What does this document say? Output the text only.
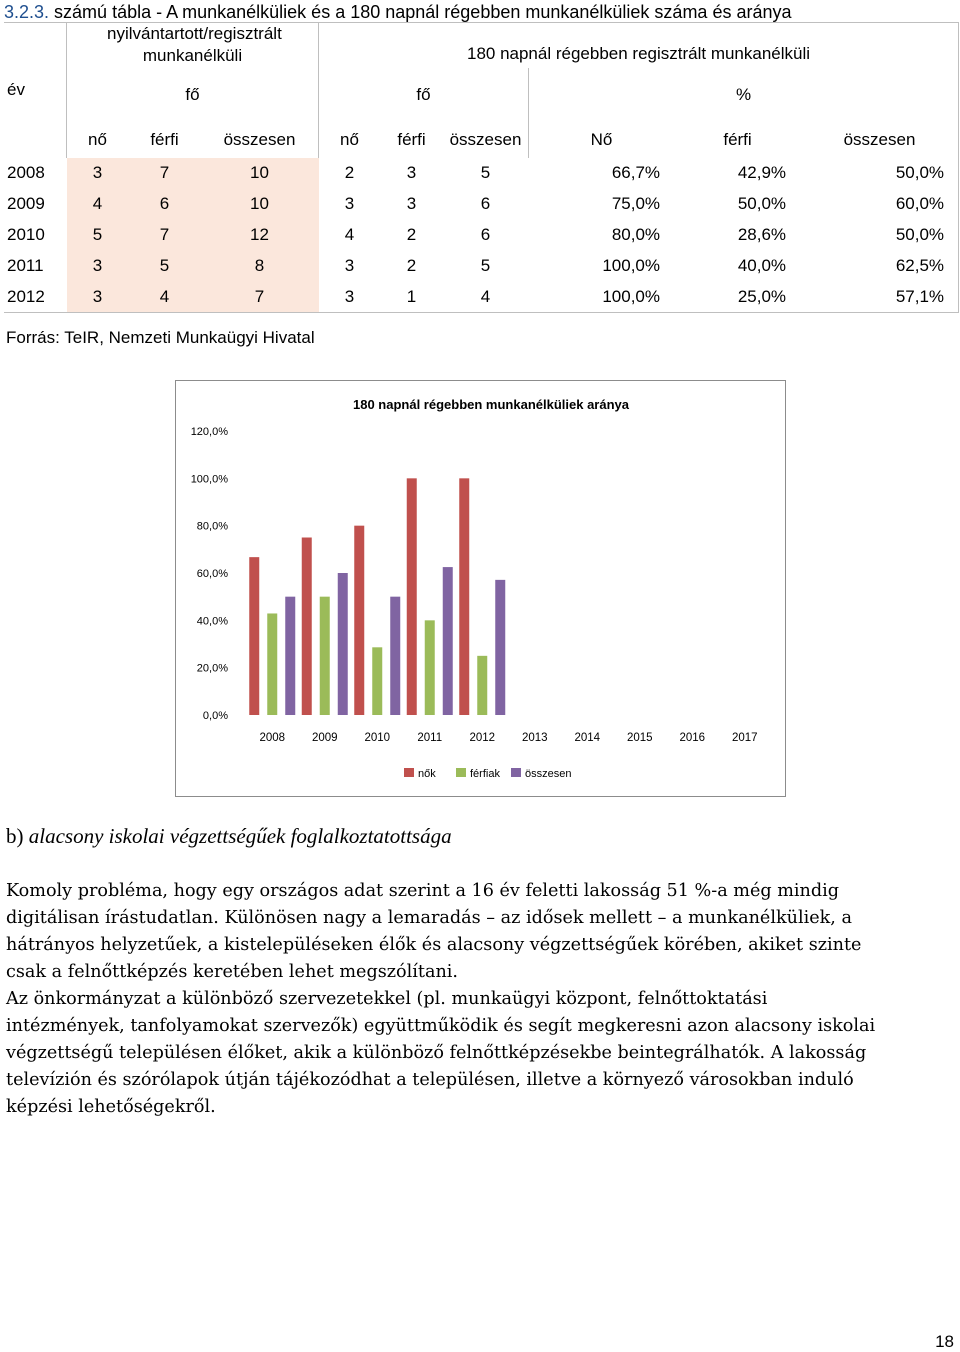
3.2.3. számú tábla - A munkanélküliek és a 180 napnál régebben munkanélküliek száma és aránya
év	nyilvántartott/regisztrált munkanélküli			180 napnál régebben regisztrált munkanélküli					
	fő			fő			%		
	nő	férfi	összesen	nő	férfi	összesen	Nő	férfi	összesen
2008	3	7	10	2	3	5	66,7%	42,9%	50,0%
2009	4	6	10	3	3	6	75,0%	50,0%	60,0%
2010	5	7	12	4	2	6	80,0%	28,6%	50,0%
2011	3	5	8	3	2	5	100,0%	40,0%	62,5%
2012	3	4	7	3	1	4	100,0%	25,0%	57,1%
Forrás: TeIR, Nemzeti Munkaügyi Hivatal
180 napnál régebben munkanélküliek aránya
0,0%
20,0%
40,0%
60,0%
80,0%
100,0%
120,0%
2008 2009 2010 2011 2012 2013 2014 2015 2016 2017
nők	férfiak összesen
b) alacsony iskolai végzettségűek foglalkoztatottsága

Komoly probléma, hogy egy országos adat szerint a 16 év feletti lakosság 51 %-a még mindig

digitálisan írástudatlan. Különösen nagy a lemaradás – az idősek mellett – a munkanélküliek, a

hátrányos helyzetűek, a kistelepüléseken élők és alacsony végzettségűek körében, akiket szinte

csak a felnőttképzés keretében lehet megszólítani.

Az önkormányzat a különböző szervezetekkel (pl. munkaügyi központ, felnőttoktatási

intézmények, tanfolyamokat szervezők) együttműködik és segít megkeresni azon alacsony iskolai

végzettségű településen élőket, akik a különböző felnőttképzésekbe beintegrálhatók. A lakosság

televízión és szórólapok útján tájékozódhat a településen, illetve a környező városokban induló

képzési lehetőségekről.

18
